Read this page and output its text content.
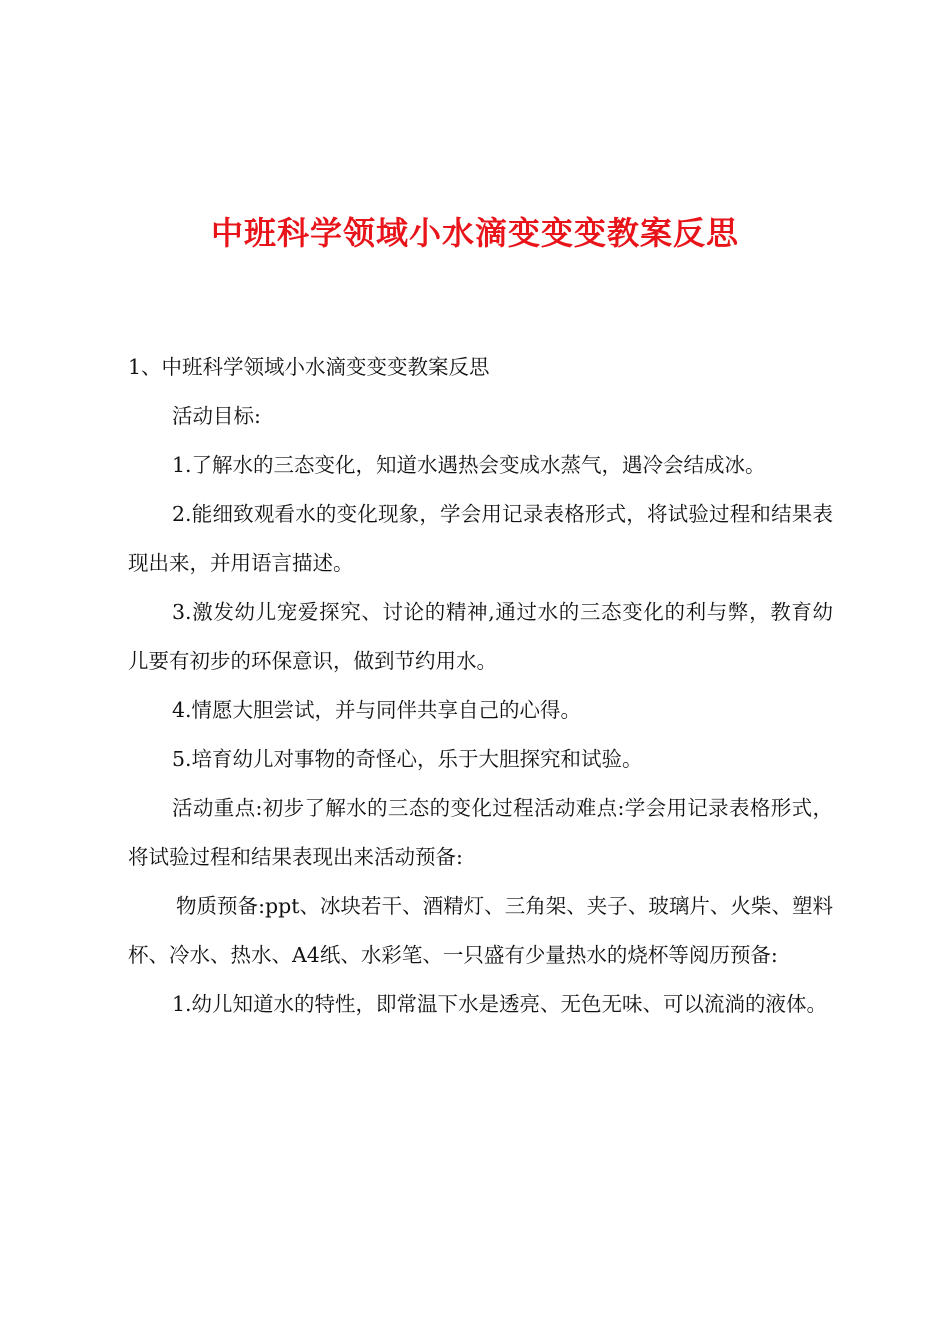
中班科学领域小水滴变变变教案反思

1、中班科学领域小水滴变变变教案反思

活动目标:

1.了解水的三态变化，知道水遇热会变成水蒸气，遇冷会结成冰。

2.能细致观看水的变化现象，学会用记录表格形式，将试验过程和结果表现出来，并用语言描述。

3.激发幼儿宠爱探究、讨论的精神,通过水的三态变化的利与弊，教育幼儿要有初步的环保意识，做到节约用水。

4.情愿大胆尝试，并与同伴共享自己的心得。

5.培育幼儿对事物的奇怪心，乐于大胆探究和试验。

活动重点:初步了解水的三态的变化过程活动难点:学会用记录表格形式，将试验过程和结果表现出来活动预备:

物质预备:ppt、冰块若干、酒精灯、三角架、夹子、玻璃片、火柴、塑料杯、冷水、热水、A4纸、水彩笔、一只盛有少量热水的烧杯等阅历预备:

1.幼儿知道水的特性，即常温下水是透亮、无色无味、可以流淌的液体。
